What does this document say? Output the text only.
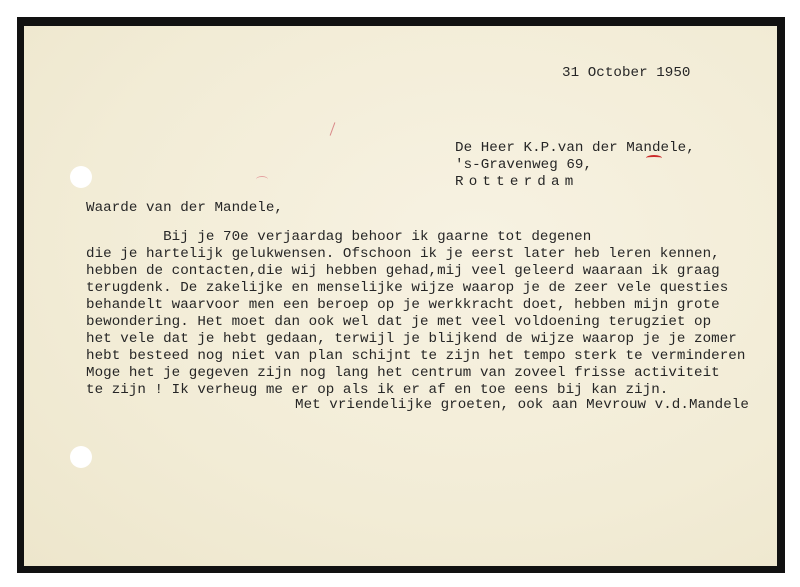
31 October 1950
De Heer K.P.van der Mandele,
's-Gravenweg 69,
Rotterdam
Waarde van der Mandele,
Bij je 70e verjaardag behoor ik gaarne tot degenen
die je hartelijk gelukwensen. Ofschoon ik je eerst later heb leren kennen,
hebben de contacten,die wij hebben gehad,mij veel geleerd waaraan ik graag
terugdenk. De zakelijke en menselijke wijze waarop je de zeer vele questies
behandelt waarvoor men een beroep op je werkkracht doet, hebben mijn grote
bewondering. Het moet dan ook wel dat je met veel voldoening terugziet op
het vele dat je hebt gedaan, terwijl je blijkend de wijze waarop je je zomer
hebt besteed nog niet van plan schijnt te zijn het tempo sterk te verminderen
Moge het je gegeven zijn nog lang het centrum van zoveel frisse activiteit
te zijn ! Ik verheug me er op als ik er af en toe eens bij kan zijn.
Met vriendelijke groeten, ook aan Mevrouw v.d.Mandele
